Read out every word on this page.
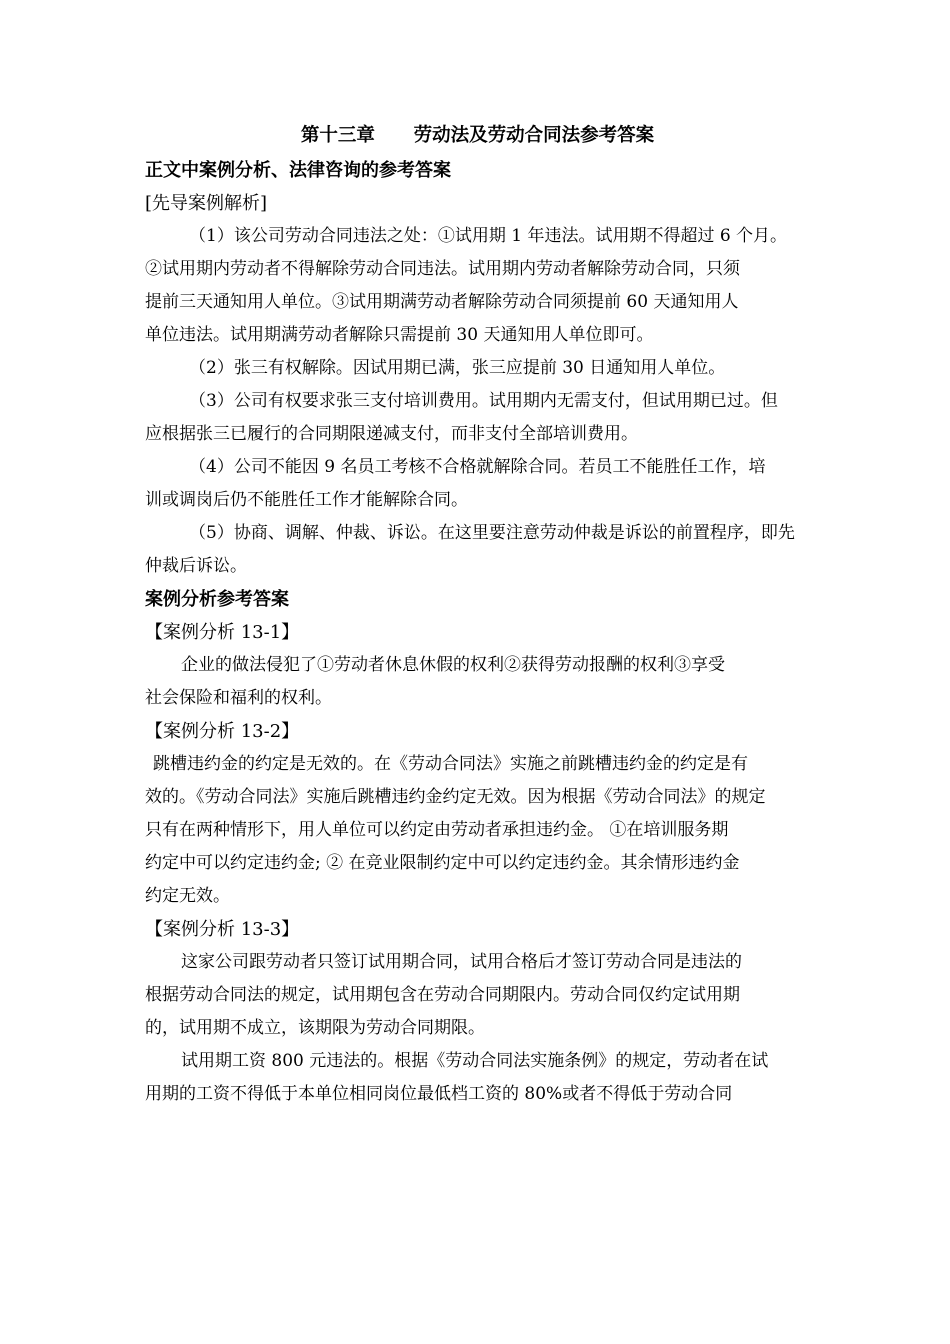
第十三章      劳动法及劳动合同法参考答案
正文中案例分析、法律咨询的参考答案
[先导案例解析]
（1）该公司劳动合同违法之处：①试用期 1 年违法。试用期不得超过 6 个月。
②试用期内劳动者不得解除劳动合同违法。试用期内劳动者解除劳动合同，只须
提前三天通知用人单位。③试用期满劳动者解除劳动合同须提前 60 天通知用人
单位违法。试用期满劳动者解除只需提前 30 天通知用人单位即可。
（2）张三有权解除。因试用期已满，张三应提前 30 日通知用人单位。
（3）公司有权要求张三支付培训费用。试用期内无需支付，但试用期已过。但
应根据张三已履行的合同期限递减支付，而非支付全部培训费用。
（4）公司不能因 9 名员工考核不合格就解除合同。若员工不能胜任工作，培
训或调岗后仍不能胜任工作才能解除合同。
（5）协商、调解、仲裁、诉讼。在这里要注意劳动仲裁是诉讼的前置程序，即先
仲裁后诉讼。
案例分析参考答案
【案例分析 13-1】
企业的做法侵犯了①劳动者休息休假的权利②获得劳动报酬的权利③享受
社会保险和福利的权利。
【案例分析 13-2】
跳槽违约金的约定是无效的。在《劳动合同法》实施之前跳槽违约金的约定是有
效的。《劳动合同法》实施后跳槽违约金约定无效。因为根据《劳动合同法》的规定
只有在两种情形下，用人单位可以约定由劳动者承担违约金。 ①在培训服务期
约定中可以约定违约金; ② 在竞业限制约定中可以约定违约金。其余情形违约金
约定无效。
【案例分析 13-3】
这家公司跟劳动者只签订试用期合同，试用合格后才签订劳动合同是违法的
根据劳动合同法的规定，试用期包含在劳动合同期限内。劳动合同仅约定试用期
的，试用期不成立，该期限为劳动合同期限。
试用期工资 800 元违法的。根据《劳动合同法实施条例》的规定，劳动者在试
用期的工资不得低于本单位相同岗位最低档工资的 80%或者不得低于劳动合同
